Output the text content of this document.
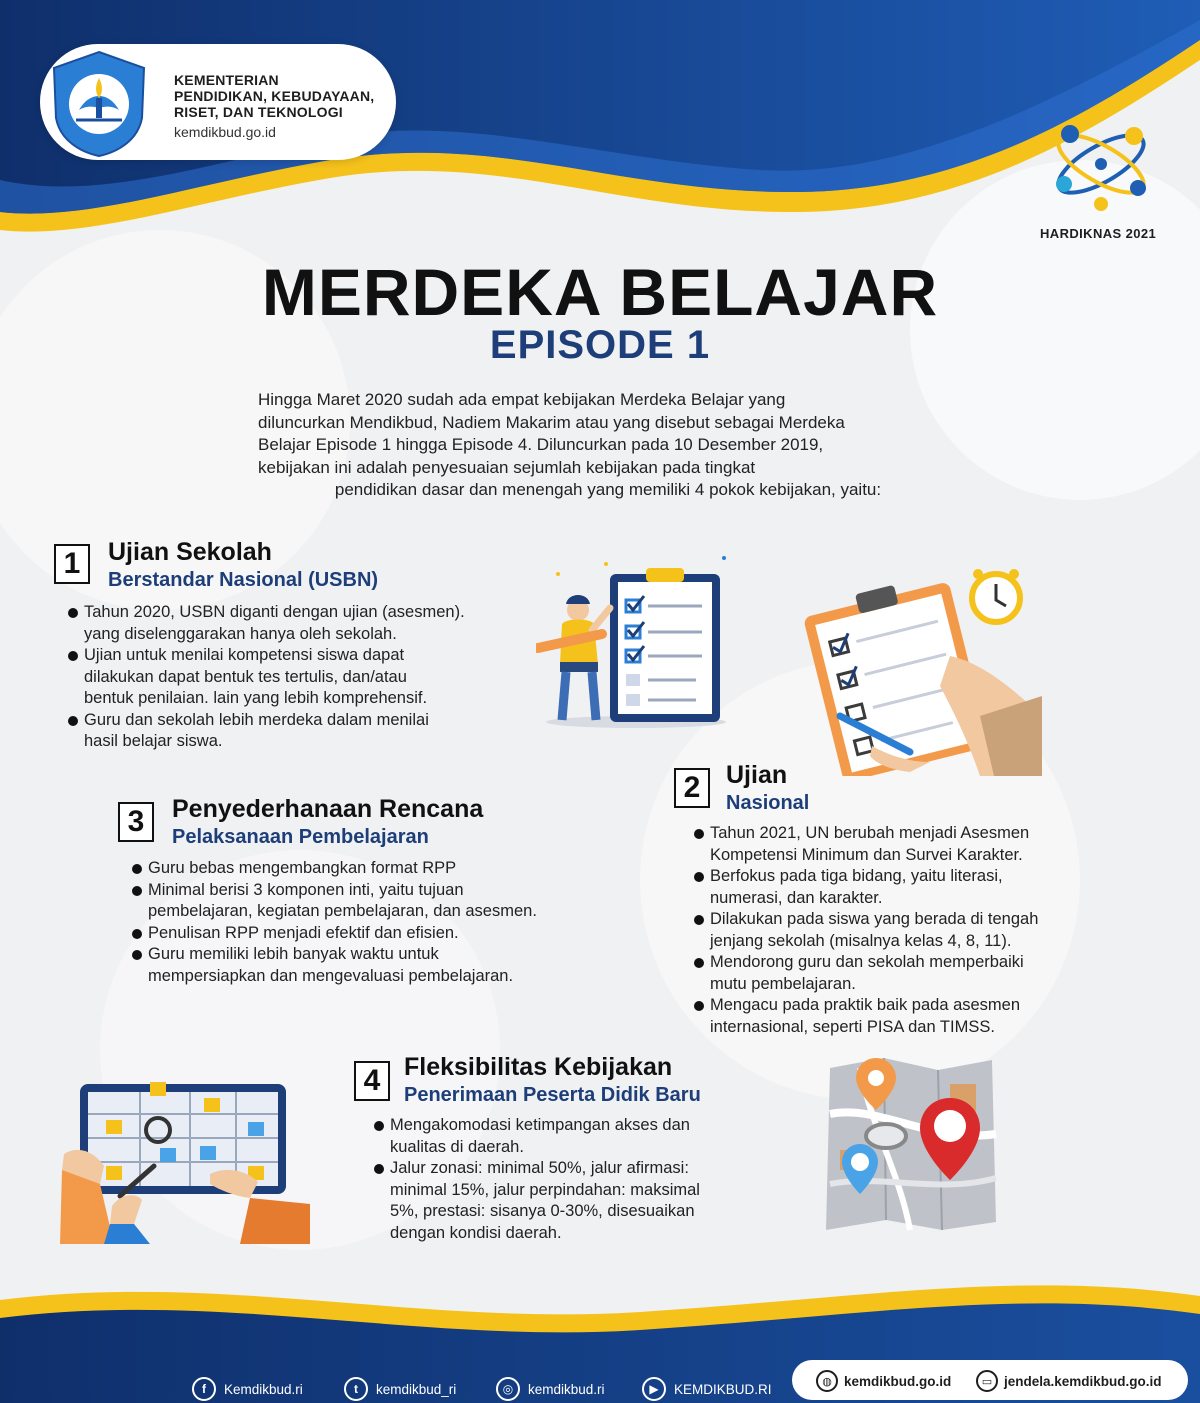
KEMENTERIAN
PENDIDIKAN, KEBUDAYAAN,
RISET, DAN TEKNOLOGI
kemdikbud.go.id
HARDIKNAS 2021
MERDEKA BELAJAR
EPISODE 1
Hingga Maret 2020 sudah ada empat kebijakan Merdeka Belajar yang
diluncurkan Mendikbud, Nadiem Makarim atau yang disebut sebagai Merdeka
Belajar Episode 1 hingga Episode 4. Diluncurkan pada 10 Desember 2019,
kebijakan ini adalah penyesuaian sejumlah kebijakan pada tingkat
pendidikan dasar dan menengah yang memiliki 4 pokok kebijakan, yaitu:
1	Ujian Sekolah
Berstandar Nasional (USBN)
Tahun 2020, USBN diganti dengan ujian (asesmen).
yang diselenggarakan hanya oleh sekolah.
Ujian untuk menilai kompetensi siswa dapat
dilakukan dapat bentuk tes tertulis, dan/atau
bentuk penilaian. lain yang lebih komprehensif.
Guru dan sekolah lebih merdeka dalam menilai
hasil belajar siswa.
2	Ujian
Nasional
Tahun 2021, UN berubah menjadi Asesmen
Kompetensi Minimum dan Survei Karakter.
Berfokus pada tiga bidang, yaitu literasi,
numerasi, dan karakter.
Dilakukan pada siswa yang berada di tengah
jenjang sekolah (misalnya kelas 4, 8, 11).
Mendorong guru dan sekolah memperbaiki
mutu pembelajaran.
Mengacu pada praktik baik pada asesmen
internasional, seperti PISA dan TIMSS.
3	Penyederhanaan Rencana
Pelaksanaan Pembelajaran
Guru bebas mengembangkan format RPP
Minimal berisi 3 komponen inti, yaitu tujuan
pembelajaran, kegiatan pembelajaran, dan asesmen.
Penulisan RPP menjadi efektif dan efisien.
Guru memiliki lebih banyak waktu untuk
mempersiapkan dan mengevaluasi pembelajaran.
4 Fleksibilitas Kebijakan
Penerimaan Peserta Didik Baru
Mengakomodasi ketimpangan akses dan
kualitas di daerah.
Jalur zonasi: minimal 50%, jalur afirmasi:
minimal 15%, jalur perpindahan: maksimal
5%, prestasi: sisanya 0-30%, disesuaikan
dengan kondisi daerah.
f	Kemdikbud.ri	t	kemdikbud_ri	◎	kemdikbud.ri	▶	KEMDIKBUD.RI	◍ kemdikbud.go.id	▭ jendela.kemdikbud.go.id
